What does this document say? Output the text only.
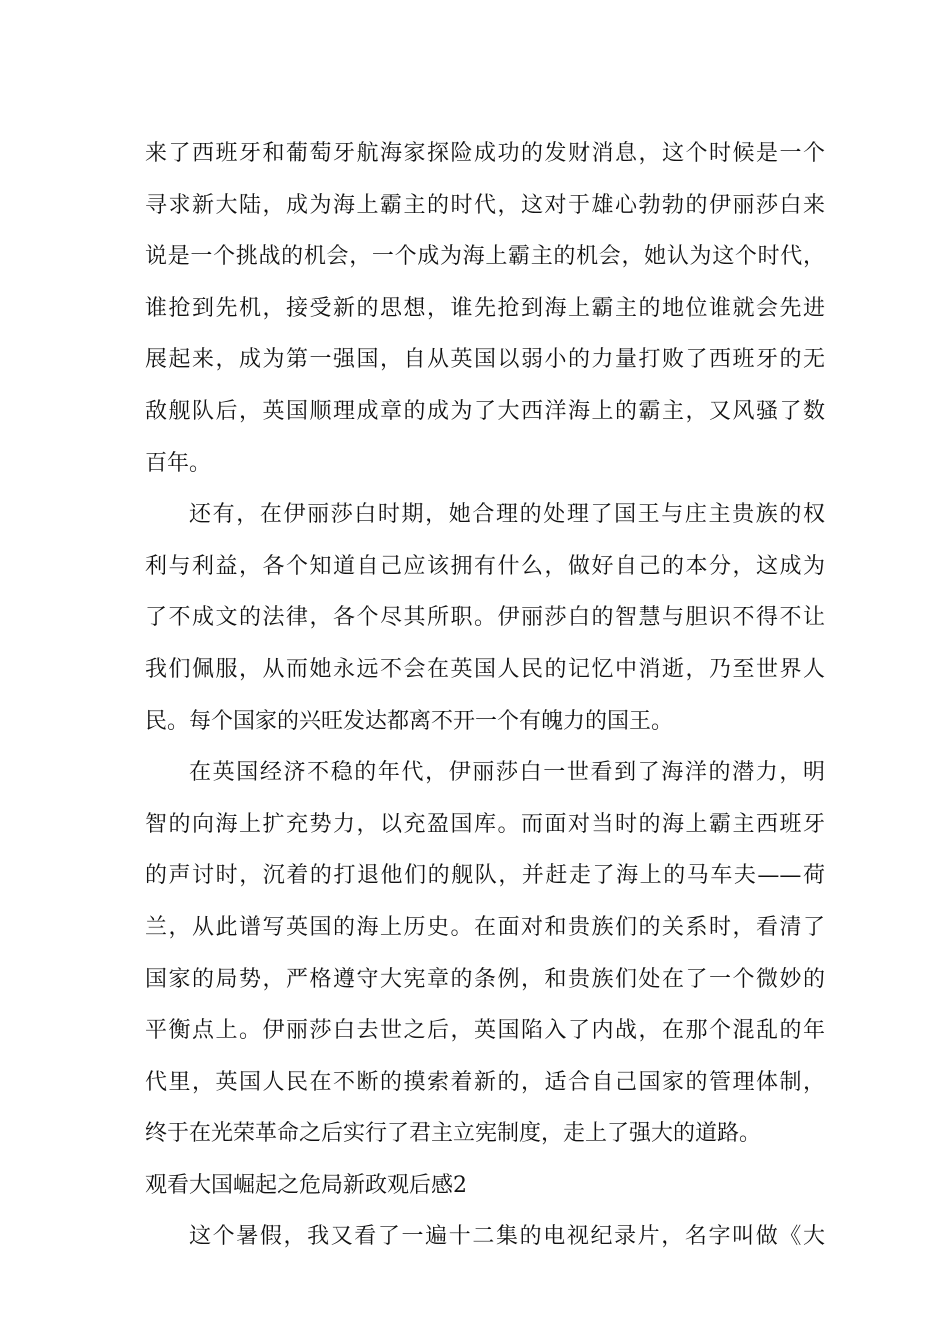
来了西班牙和葡萄牙航海家探险成功的发财消息，这个时候是一个
寻求新大陆，成为海上霸主的时代，这对于雄心勃勃的伊丽莎白来
说是一个挑战的机会，一个成为海上霸主的机会，她认为这个时代，
谁抢到先机，接受新的思想，谁先抢到海上霸主的地位谁就会先进
展起来，成为第一强国，自从英国以弱小的力量打败了西班牙的无
敌舰队后，英国顺理成章的成为了大西洋海上的霸主，又风骚了数
百年。
还有，在伊丽莎白时期，她合理的处理了国王与庄主贵族的权
利与利益，各个知道自己应该拥有什么，做好自己的本分，这成为
了不成文的法律，各个尽其所职。伊丽莎白的智慧与胆识不得不让
我们佩服，从而她永远不会在英国人民的记忆中消逝，乃至世界人
民。每个国家的兴旺发达都离不开一个有魄力的国王。
在英国经济不稳的年代，伊丽莎白一世看到了海洋的潜力，明
智的向海上扩充势力，以充盈国库。而面对当时的海上霸主西班牙
的声讨时，沉着的打退他们的舰队，并赶走了海上的马车夫——荷
兰，从此谱写英国的海上历史。在面对和贵族们的关系时，看清了
国家的局势，严格遵守大宪章的条例，和贵族们处在了一个微妙的
平衡点上。伊丽莎白去世之后，英国陷入了内战，在那个混乱的年
代里，英国人民在不断的摸索着新的，适合自己国家的管理体制，
终于在光荣革命之后实行了君主立宪制度，走上了强大的道路。
观看大国崛起之危局新政观后感2
这个暑假，我又看了一遍十二集的电视纪录片，名字叫做《大
